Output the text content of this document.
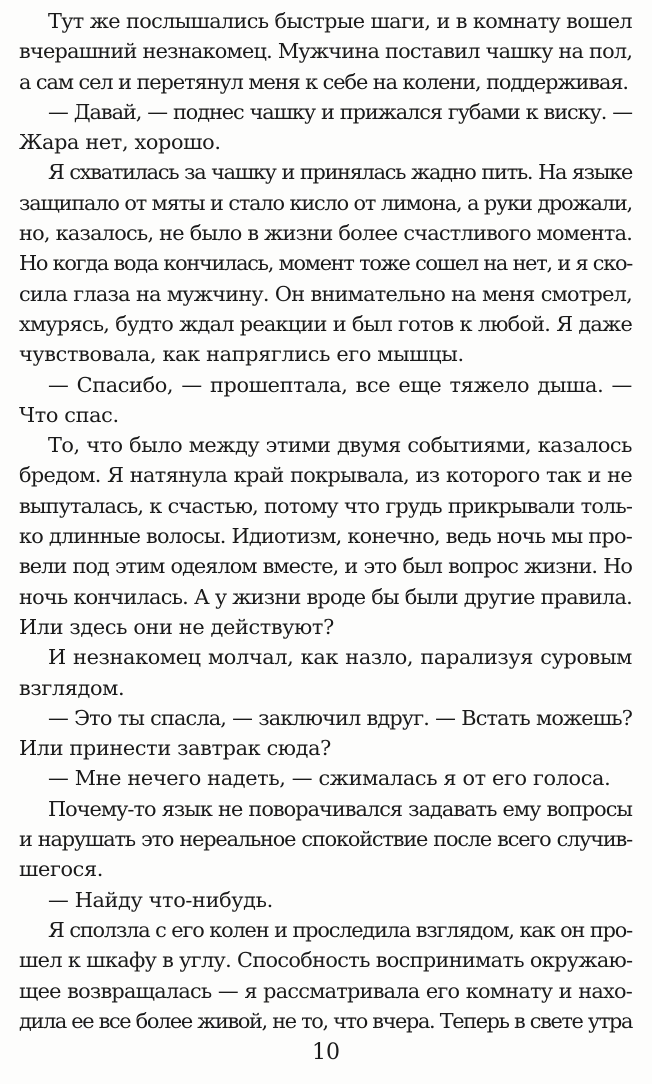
Тут же послышались быстрые шаги, и в комнату вошел
вчерашний незнакомец. Мужчина поставил чашку на пол,
а сам сел и перетянул меня к себе на колени, поддерживая.
— Давай, — поднес чашку и прижался губами к виску. —
Жара нет, хорошо.
Я схватилась за чашку и принялась жадно пить. На языке
защипало от мяты и стало кисло от лимона, а руки дрожали,
но, казалось, не было в жизни более счастливого момента.
Но когда вода кончилась, момент тоже сошел на нет, и я ско-
сила глаза на мужчину. Он внимательно на меня смотрел,
хмурясь, будто ждал реакции и был готов к любой. Я даже
чувствовала, как напряглись его мышцы.
— Спасибо, — прошептала, все еще тяжело дыша. —
Что спас.
То, что было между этими двумя событиями, казалось
бредом. Я натянула край покрывала, из которого так и не
выпуталась, к счастью, потому что грудь прикрывали толь-
ко длинные волосы. Идиотизм, конечно, ведь ночь мы про-
вели под этим одеялом вместе, и это был вопрос жизни. Но
ночь кончилась. А у жизни вроде бы были другие правила.
Или здесь они не действуют?
И незнакомец молчал, как назло, парализуя суровым
взглядом.
— Это ты спасла, — заключил вдруг. — Встать можешь?
Или принести завтрак сюда?
— Мне нечего надеть, — сжималась я от его голоса.
Почему-то язык не поворачивался задавать ему вопросы
и нарушать это нереальное спокойствие после всего случив-
шегося.
— Найду что-нибудь.
Я сползла с его колен и проследила взглядом, как он про-
шел к шкафу в углу. Способность воспринимать окружаю-
щее возвращалась — я рассматривала его комнату и нахо-
дила ее все более живой, не то, что вчера. Теперь в свете утра
10
